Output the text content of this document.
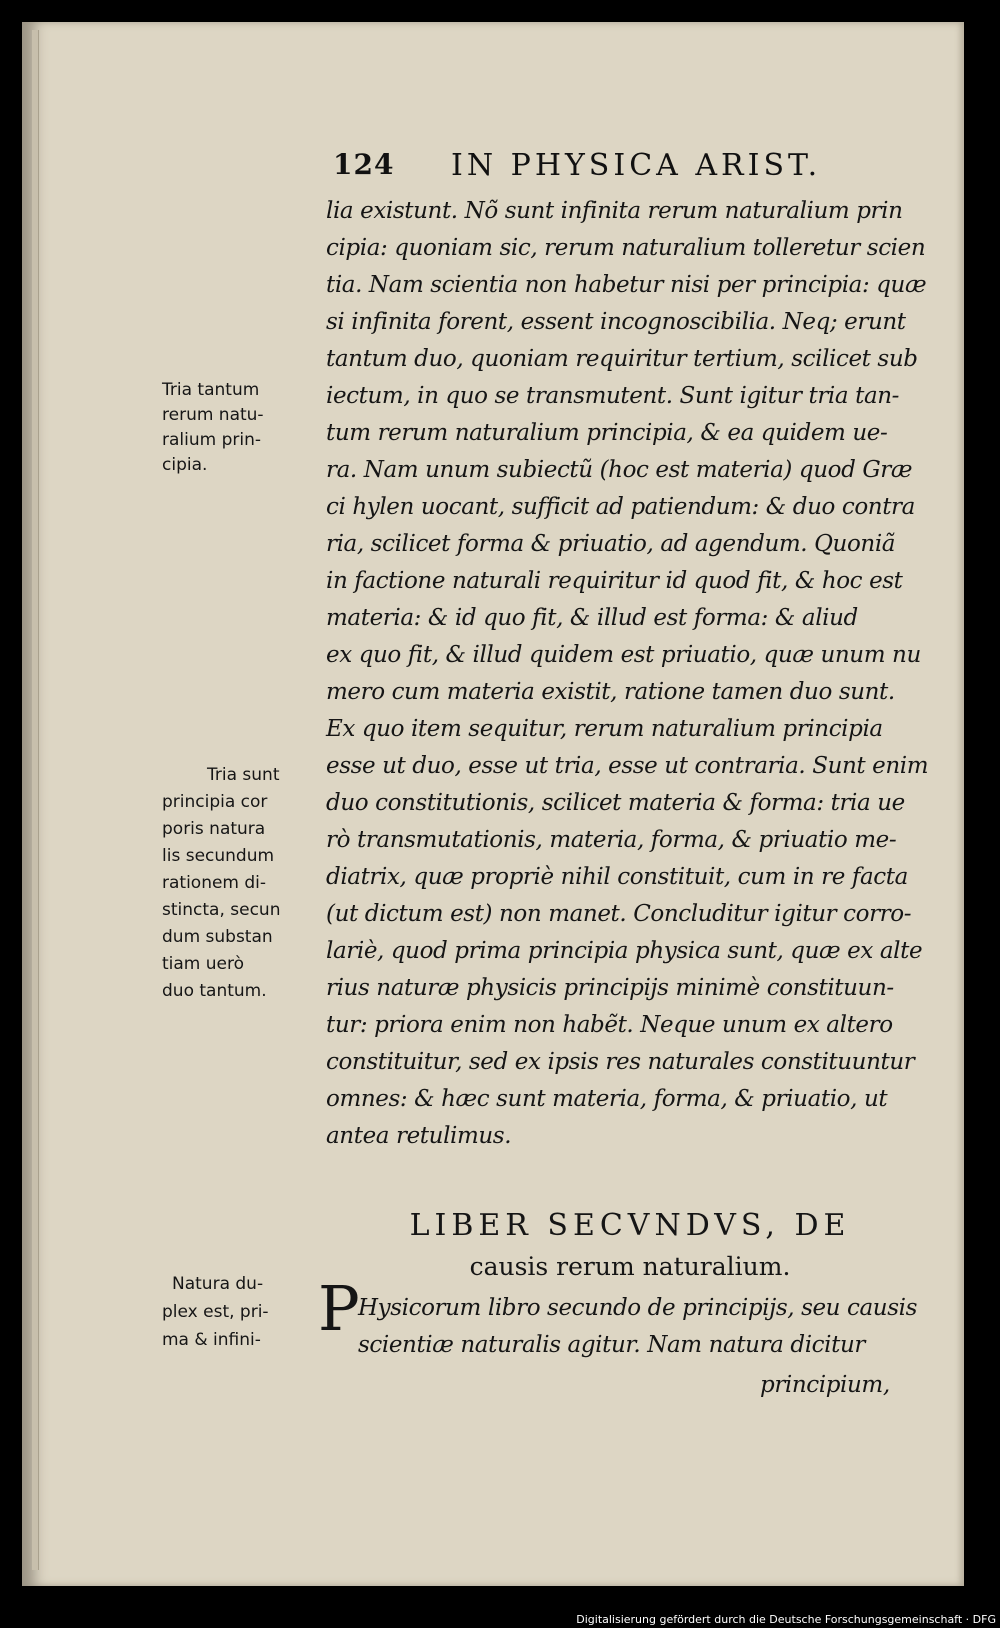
124 IN PHYSICA ARIST.
lia existunt. Nõ sunt infinita rerum naturalium prin
cipia: quoniam sic, rerum naturalium tolleretur scien
tia. Nam scientia non habetur nisi per principia: quæ
si infinita forent, essent incognoscibilia. Neq; erunt
tantum duo, quoniam requiritur tertium, scilicet sub
iectum, in quo se transmutent. Sunt igitur tria tan-
tum rerum naturalium principia, & ea quidem ue-
ra. Nam unum subiectũ (hoc est materia) quod Græ
ci hylen uocant, sufficit ad patiendum: & duo contra
ria, scilicet forma & priuatio, ad agendum. Quoniã
in factione naturali requiritur id quod fit, & hoc est
materia: & id quo fit, & illud est forma: & aliud
ex quo fit, & illud quidem est priuatio, quæ unum nu
mero cum materia existit, ratione tamen duo sunt.
Ex quo item sequitur, rerum naturalium principia
esse ut duo, esse ut tria, esse ut contraria. Sunt enim
duo constitutionis, scilicet materia & forma: tria ue
rò transmutationis, materia, forma, & priuatio me-
diatrix, quæ propriè nihil constituit, cum in re facta
(ut dictum est) non manet. Concluditur igitur corro-
lariè, quod prima principia physica sunt, quæ ex alte
rius naturæ physicis principijs minimè constituun-
tur: priora enim non habẽt. Neque unum ex altero
constituitur, sed ex ipsis res naturales constituuntur
omnes: & hæc sunt materia, forma, & priuatio, ut
antea retulimus.
LIBER SECVNDVS, DE
causis rerum naturalium.
P
Hysicorum libro secundo de principijs, seu causis
scientiæ naturalis agitur. Nam natura dicitur
principium,
Tria tantum
rerum natu-
ralium prin-
cipia.
Tria sunt
principia cor
poris natura
lis secundum
rationem di-
stincta, secun
dum substan
tiam uerò
duo tantum.
Natura du-
plex est, pri-
ma & infini-
Digitalisierung gefördert durch die Deutsche Forschungsgemeinschaft · DFG
